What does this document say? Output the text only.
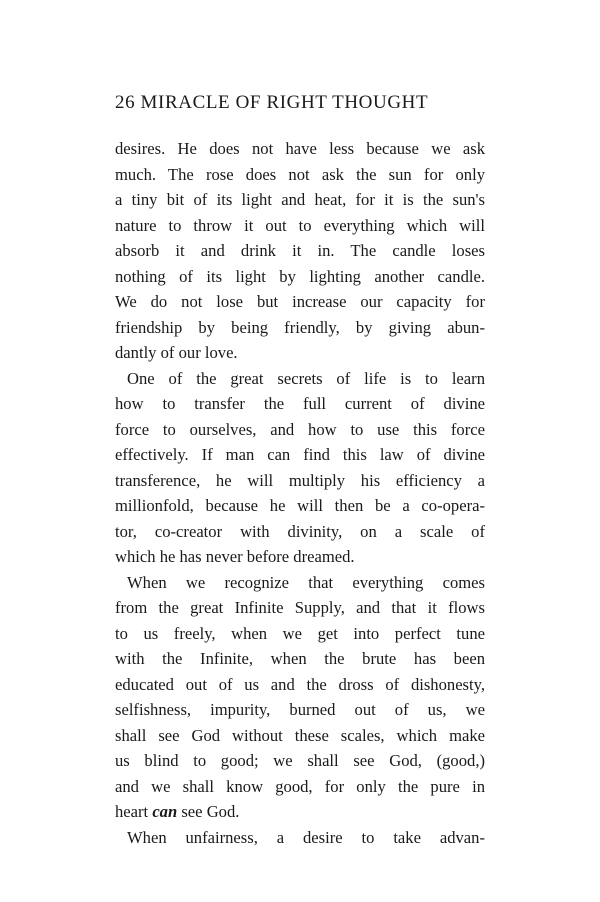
26 MIRACLE OF RIGHT THOUGHT
desires. He does not have less because we ask
much. The rose does not ask the sun for only
a tiny bit of its light and heat, for it is the sun's
nature to throw it out to everything which will
absorb it and drink it in. The candle loses
nothing of its light by lighting another candle.
We do not lose but increase our capacity for
friendship by being friendly, by giving abun-
dantly of our love.
One of the great secrets of life is to learn
how to transfer the full current of divine
force to ourselves, and how to use this force
effectively. If man can find this law of divine
transference, he will multiply his efficiency a
millionfold, because he will then be a co-opera-
tor, co-creator with divinity, on a scale of
which he has never before dreamed.
When we recognize that everything comes
from the great Infinite Supply, and that it flows
to us freely, when we get into perfect tune
with the Infinite, when the brute has been
educated out of us and the dross of dishonesty,
selfishness, impurity, burned out of us, we
shall see God without these scales, which make
us blind to good; we shall see God, (good,)
and we shall know good, for only the pure in
heart can see God.
When unfairness, a desire to take advan-
